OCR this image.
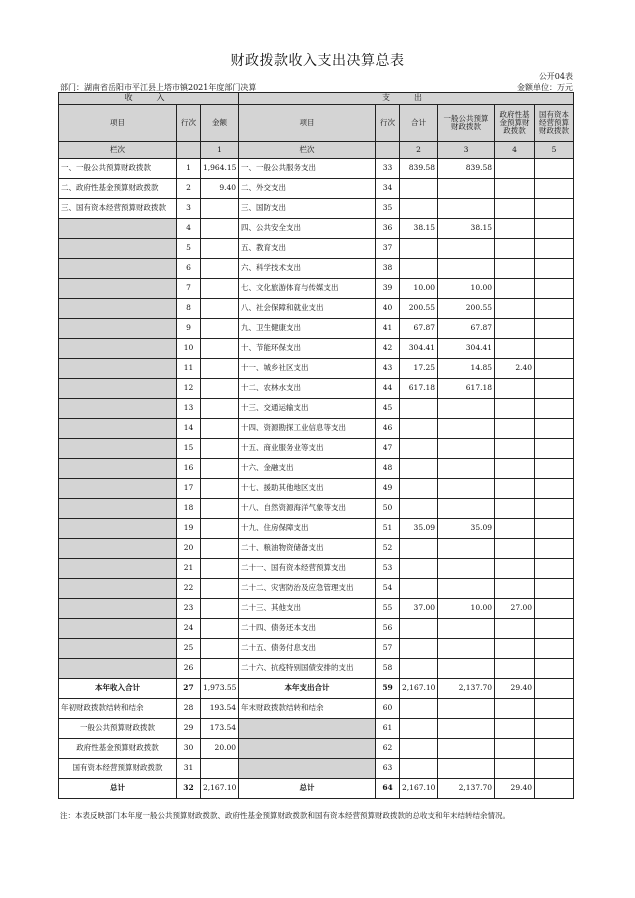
财政拨款收入支出决算总表
公开04表
部门：湖南省岳阳市平江县上塔市镇2021年度部门决算	金额单位：万元
收　入			支　出					
项目	行次	金额	项目	行次	合计	一般公共预算财政拨款	政府性基金预算财政拨款	国有资本经营预算财政拨款
栏次		1	栏次		2	3	4	5
一、一般公共预算财政拨款	1	1,964.15	一、一般公共服务支出	33	839.58	839.58		
二、政府性基金预算财政拨款	2	9.40	二、外交支出	34				
三、国有资本经营预算财政拨款	3		三、国防支出	35				
	4		四、公共安全支出	36	38.15	38.15		
	5		五、教育支出	37				
	6		六、科学技术支出	38				
	7		七、文化旅游体育与传媒支出	39	10.00	10.00		
	8		八、社会保障和就业支出	40	200.55	200.55		
	9		九、卫生健康支出	41	67.87	67.87		
	10		十、节能环保支出	42	304.41	304.41		
	11		十一、城乡社区支出	43	17.25	14.85	2.40	
	12		十二、农林水支出	44	617.18	617.18		
	13		十三、交通运输支出	45				
	14		十四、资源勘探工业信息等支出	46				
	15		十五、商业服务业等支出	47				
	16		十六、金融支出	48				
	17		十七、援助其他地区支出	49				
	18		十八、自然资源海洋气象等支出	50				
	19		十九、住房保障支出	51	35.09	35.09		
	20		二十、粮油物资储备支出	52				
	21		二十一、国有资本经营预算支出	53				
	22		二十二、灾害防治及应急管理支出	54				
	23		二十三、其他支出	55	37.00	10.00	27.00	
	24		二十四、债务还本支出	56				
	25		二十五、债务付息支出	57				
	26		二十六、抗疫特别国债安排的支出	58				
本年收入合计	27	1,973.55	本年支出合计	59	2,167.10	2,137.70	29.40	
年初财政拨款结转和结余	28	193.54	年末财政拨款结转和结余	60				
一般公共预算财政拨款	29	173.54		61				
政府性基金预算财政拨款	30	20.00		62				
国有资本经营预算财政拨款	31			63				
总计	32	2,167.10	总计	64	2,167.10	2,137.70	29.40	
注：本表反映部门本年度一般公共预算财政拨款、政府性基金预算财政拨款和国有资本经营预算财政拨款的总收支和年末结转结余情况。
